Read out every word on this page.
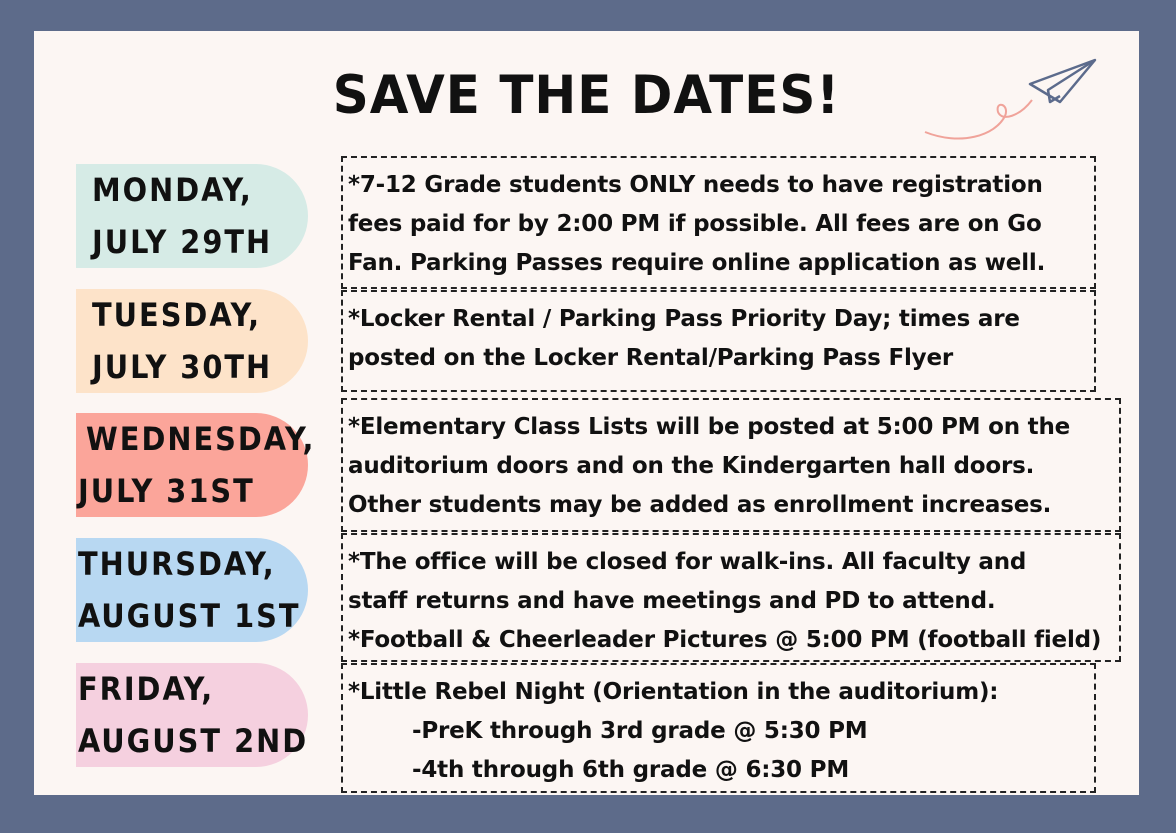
SAVE THE DATES!
MONDAY,
JULY 29TH
TUESDAY,
JULY 30TH
WEDNESDAY,
JULY 31ST
THURSDAY,
AUGUST 1ST
FRIDAY,
AUGUST 2ND
*7-12 Grade students ONLY needs to have registration
fees paid for by 2:00 PM if possible. All fees are on Go
Fan. Parking Passes require online application as well.
*Locker Rental / Parking Pass Priority Day; times are
posted on the Locker Rental/Parking Pass Flyer
*Elementary Class Lists will be posted at 5:00 PM on the
auditorium doors and on the Kindergarten hall doors.
Other students may be added as enrollment increases.
*The office will be closed for walk-ins. All faculty and
staff returns and have meetings and PD to attend.
*Football & Cheerleader Pictures @ 5:00 PM (football field)
*Little Rebel Night (Orientation in the auditorium):
-PreK through 3rd grade @ 5:30 PM
-4th through 6th grade @ 6:30 PM
